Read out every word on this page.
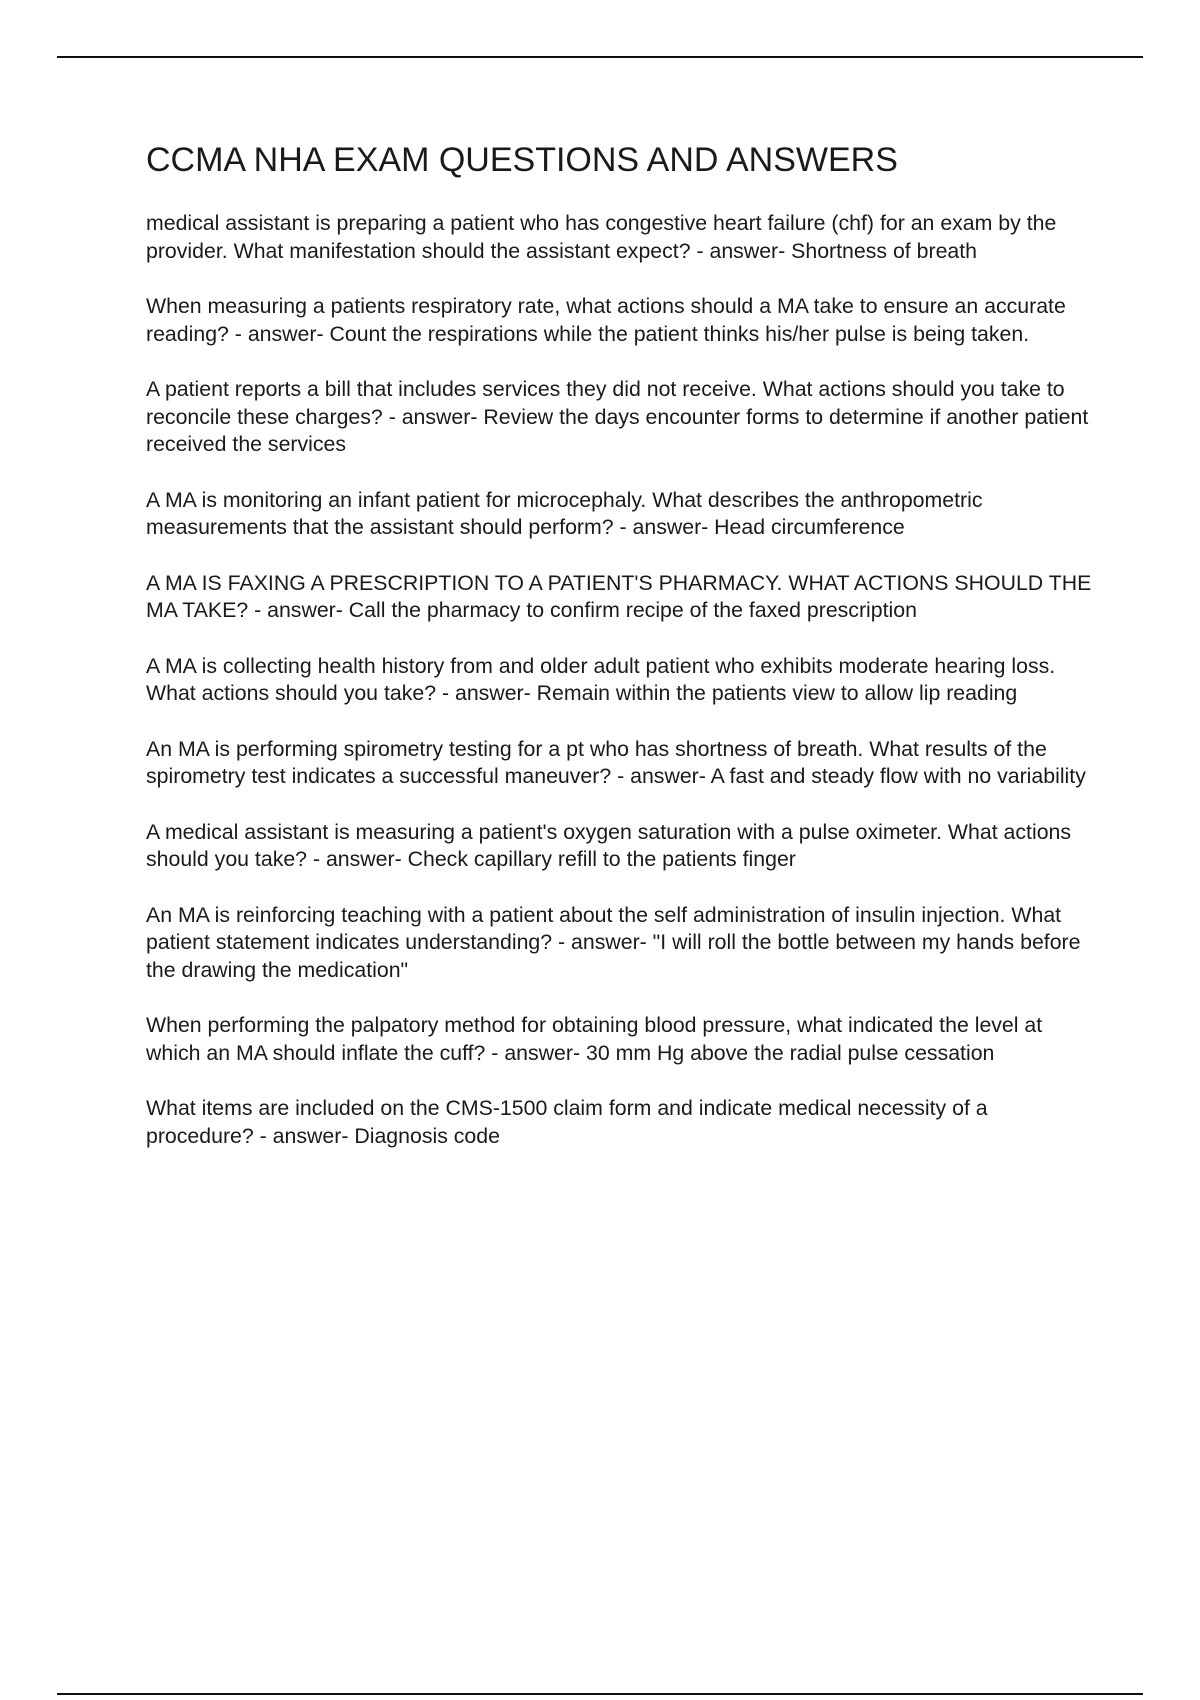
CCMA NHA EXAM QUESTIONS AND ANSWERS
medical assistant is preparing a patient who has congestive heart failure (chf) for an exam by the provider. What manifestation should the assistant expect? - answer- Shortness of breath
When measuring a patients respiratory rate, what actions should a MA take to ensure an accurate reading? - answer- Count the respirations while the patient thinks his/her pulse is being taken.
A patient reports a bill that includes services they did not receive. What actions should you take to reconcile these charges? - answer- Review the days encounter forms to determine if another patient received the services
A MA is monitoring an infant patient for microcephaly. What describes the anthropometric measurements that the assistant should perform? - answer- Head circumference
A MA IS FAXING A PRESCRIPTION TO A PATIENT'S PHARMACY. WHAT ACTIONS SHOULD THE MA TAKE? - answer- Call the pharmacy to confirm recipe of the faxed prescription
A MA is collecting health history from and older adult patient who exhibits moderate hearing loss. What actions should you take? - answer- Remain within the patients view to allow lip reading
An MA is performing spirometry testing for a pt who has shortness of breath. What results of the spirometry test indicates a successful maneuver? - answer- A fast and steady flow with no variability
A medical assistant is measuring a patient's oxygen saturation with a pulse oximeter. What actions should you take? - answer- Check capillary refill to the patients finger
An MA is reinforcing teaching with a patient about the self administration of insulin injection. What patient statement indicates understanding? - answer- "I will roll the bottle between my hands before the drawing the medication"
When performing the palpatory method for obtaining blood pressure, what indicated the level at which an MA should inflate the cuff? - answer- 30 mm Hg above the radial pulse cessation
What items are included on the CMS-1500 claim form and indicate medical necessity of a procedure? - answer- Diagnosis code
